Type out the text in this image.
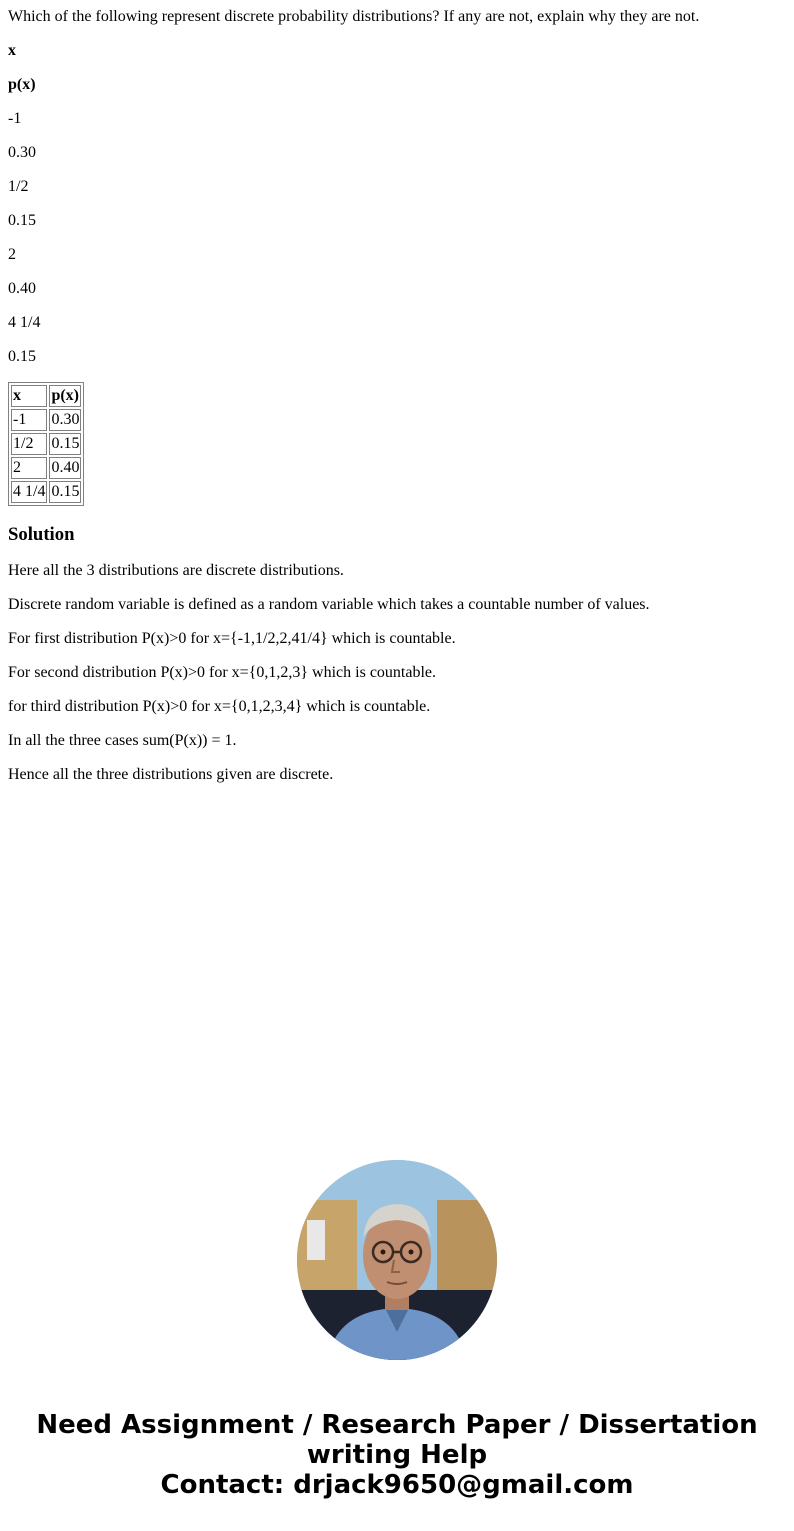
Which of the following represent discrete probability distributions? If any are not, explain why they are not.

x

p(x)

-1

0.30

1/2

0.15

2

0.40

4 1/4

0.15

x	p(x)
-1	0.30
1/2	0.15
2	0.40
4 1/4	0.15
Solution

Here all the 3 distributions are discrete distributions.

Discrete random variable is defined as a random variable which takes a countable number of values.

For first distribution P(x)>0 for x={-1,1/2,2,41/4} which is countable.

For second distribution P(x)>0 for x={0,1,2,3} which is countable.

for third distribution P(x)>0 for x={0,1,2,3,4} which is countable.

In all the three cases sum(P(x)) = 1.

Hence all the three distributions given are discrete.

Need Assignment / Research Paper / Dissertation
writing Help
Contact: drjack9650@gmail.com
